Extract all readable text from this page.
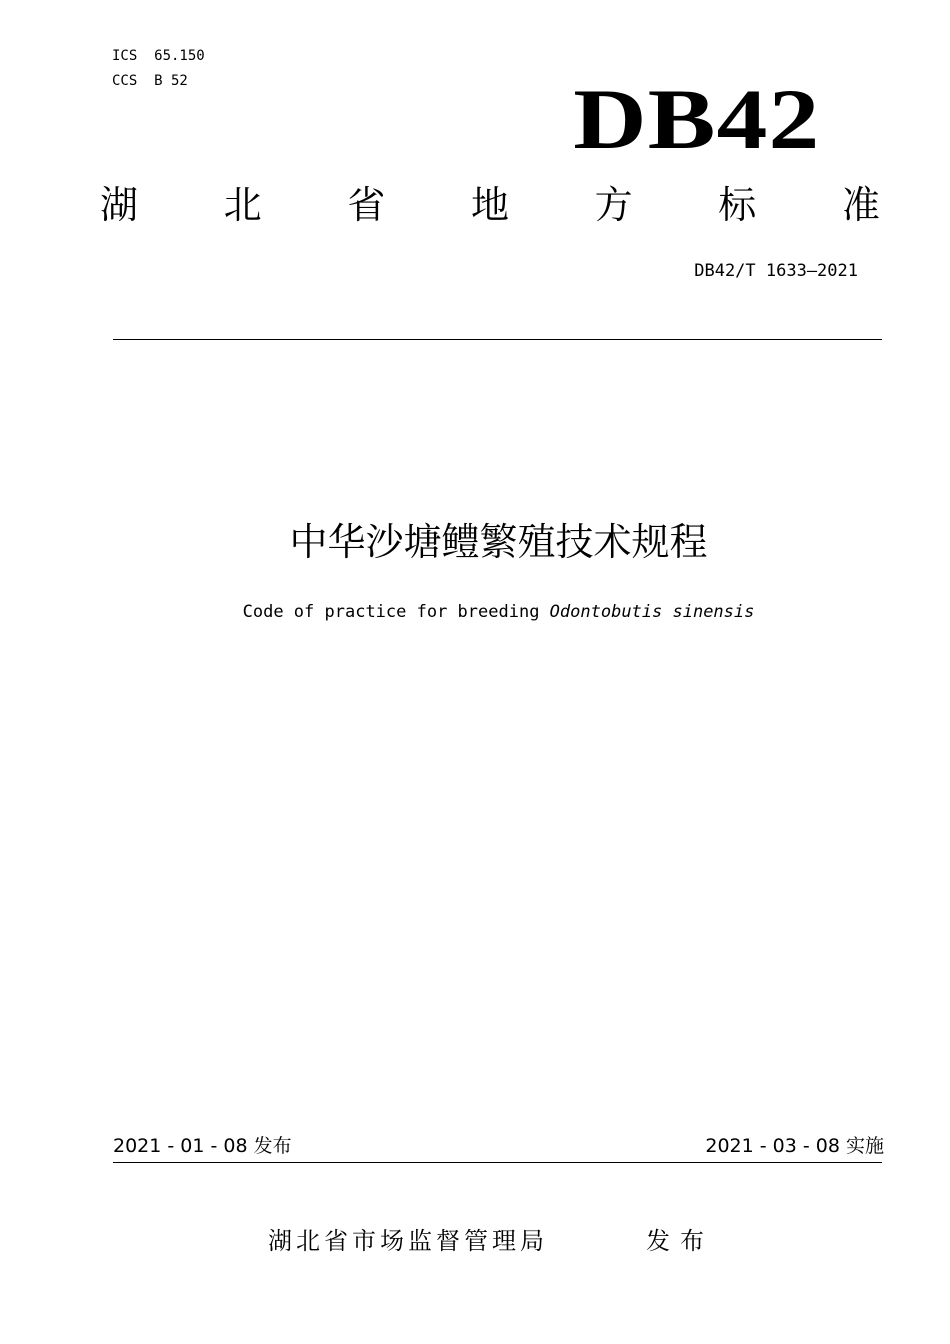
ICS  65.150
CCS  B 52	DB42
湖 北 省 地 方 标 准
DB42/T 1633—2021
中华沙塘鳢繁殖技术规程
Code of practice for breeding Odontobutis sinensis
2021 - 01 - 08 发布	2021 - 03 - 08 实施
湖北省市场监督管理局	发布
